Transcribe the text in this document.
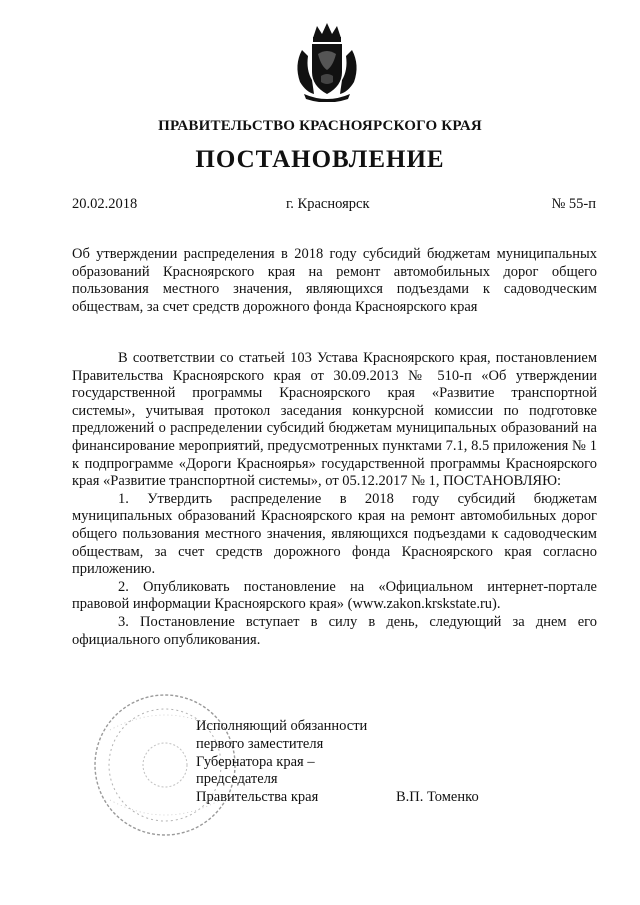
ПРАВИТЕЛЬСТВО КРАСНОЯРСКОГО КРАЯ
ПОСТАНОВЛЕНИЕ
20.02.2018	г. Красноярск	№ 55-п

Об утверждении распределения в 2018 году субсидий бюджетам муниципальных образований Красноярского края на ремонт автомобильных дорог общего пользования местного значения, являющихся подъездами к садоводческим обществам, за счет средств дорожного фонда Красноярского края

В соответствии со статьей 103 Устава Красноярского края, постановлением Правительства Красноярского края от 30.09.2013 № 510-п «Об утверждении государственной программы Красноярского края «Развитие транспортной системы», учитывая протокол заседания конкурсной комиссии по подготовке предложений о распределении субсидий бюджетам муниципальных образований на финансирование мероприятий, предусмотренных пунктами 7.1, 8.5 приложения № 1 к подпрограмме «Дороги Красноярья» государственной программы Красноярского края «Развитие транспортной системы», от 05.12.2017 № 1, ПОСТАНОВЛЯЮ:

1. Утвердить распределение в 2018 году субсидий бюджетам муниципальных образований Красноярского края на ремонт автомобильных дорог общего пользования местного значения, являющихся подъездами к садоводческим обществам, за счет средств дорожного фонда Красноярского края согласно приложению.

2. Опубликовать постановление на «Официальном интернет-портале правовой информации Красноярского края» (www.zakon.krskstate.ru).

3. Постановление вступает в силу в день, следующий за днем его официального опубликования.

Исполняющий обязанности
первого заместителя
Губернатора края –
председателя
Правительства края	В.П. Томенко
